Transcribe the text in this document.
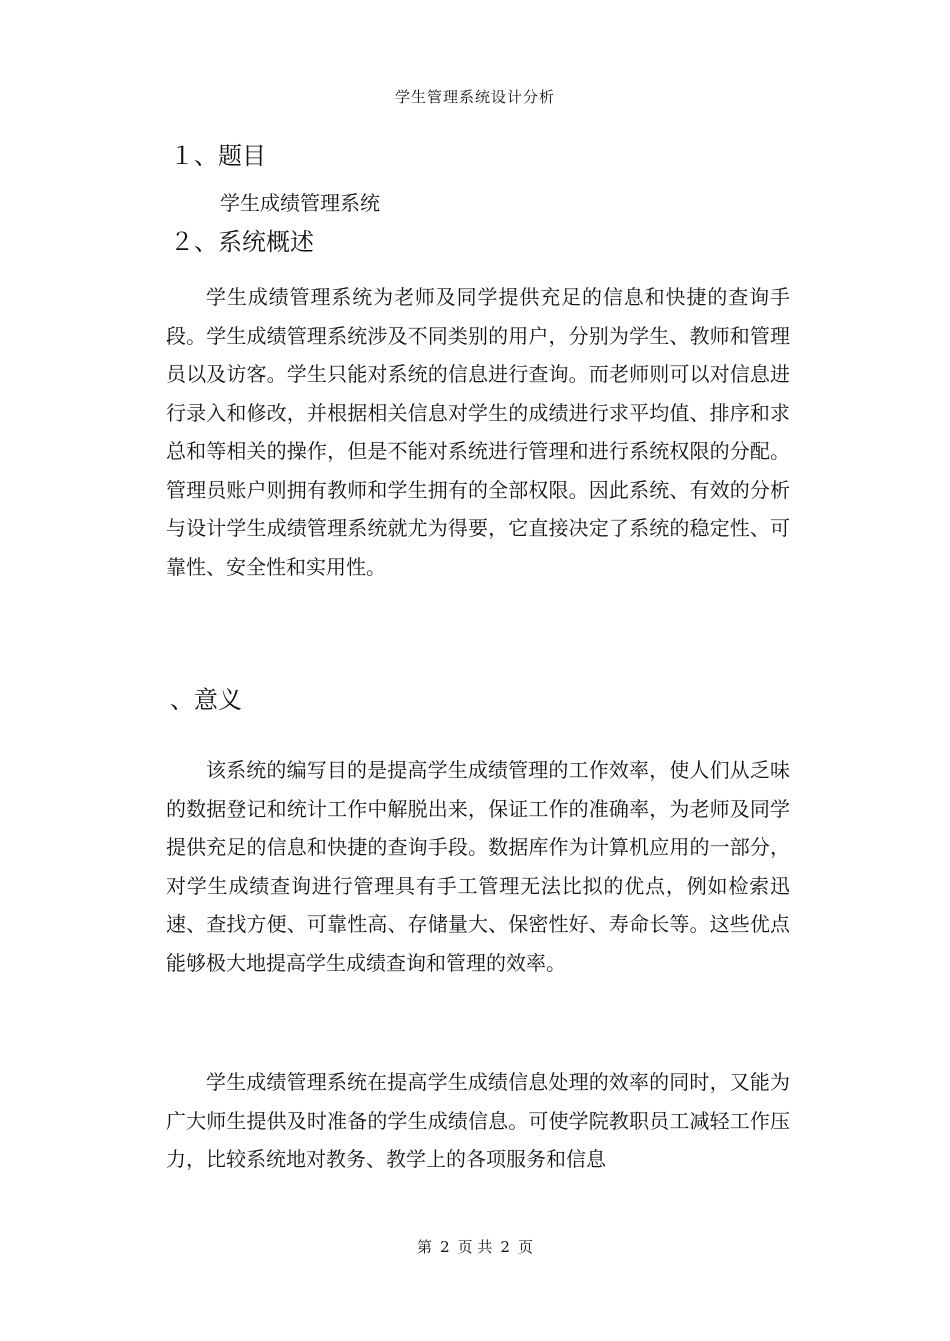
学生管理系统设计分析
１、题目
学生成绩管理系统
２、系统概述

学生成绩管理系统为老师及同学提供充足的信息和快捷的查询手段。学生成绩管理系统涉及不同类别的用户，分别为学生、教师和管理员以及访客。学生只能对系统的信息进行查询。而老师则可以对信息进行录入和修改，并根据相关信息对学生的成绩进行求平均值、排序和求总和等相关的操作，但是不能对系统进行管理和进行系统权限的分配。管理员账户则拥有教师和学生拥有的全部权限。因此系统、有效的分析与设计学生成绩管理系统就尤为得要，它直接决定了系统的稳定性、可靠性、安全性和实用性。

、意义

该系统的编写目的是提高学生成绩管理的工作效率，使人们从乏味的数据登记和统计工作中解脱出来，保证工作的准确率，为老师及同学提供充足的信息和快捷的查询手段。数据库作为计算机应用的一部分，对学生成绩查询进行管理具有手工管理无法比拟的优点，例如检索迅速、查找方便、可靠性高、存储量大、保密性好、寿命长等。这些优点能够极大地提高学生成绩查询和管理的效率。

学生成绩管理系统在提高学生成绩信息处理的效率的同时，又能为广大师生提供及时准备的学生成绩信息。可使学院教职员工减轻工作压力，比较系统地对教务、教学上的各项服务和信息

第 2 页 共 2 页
